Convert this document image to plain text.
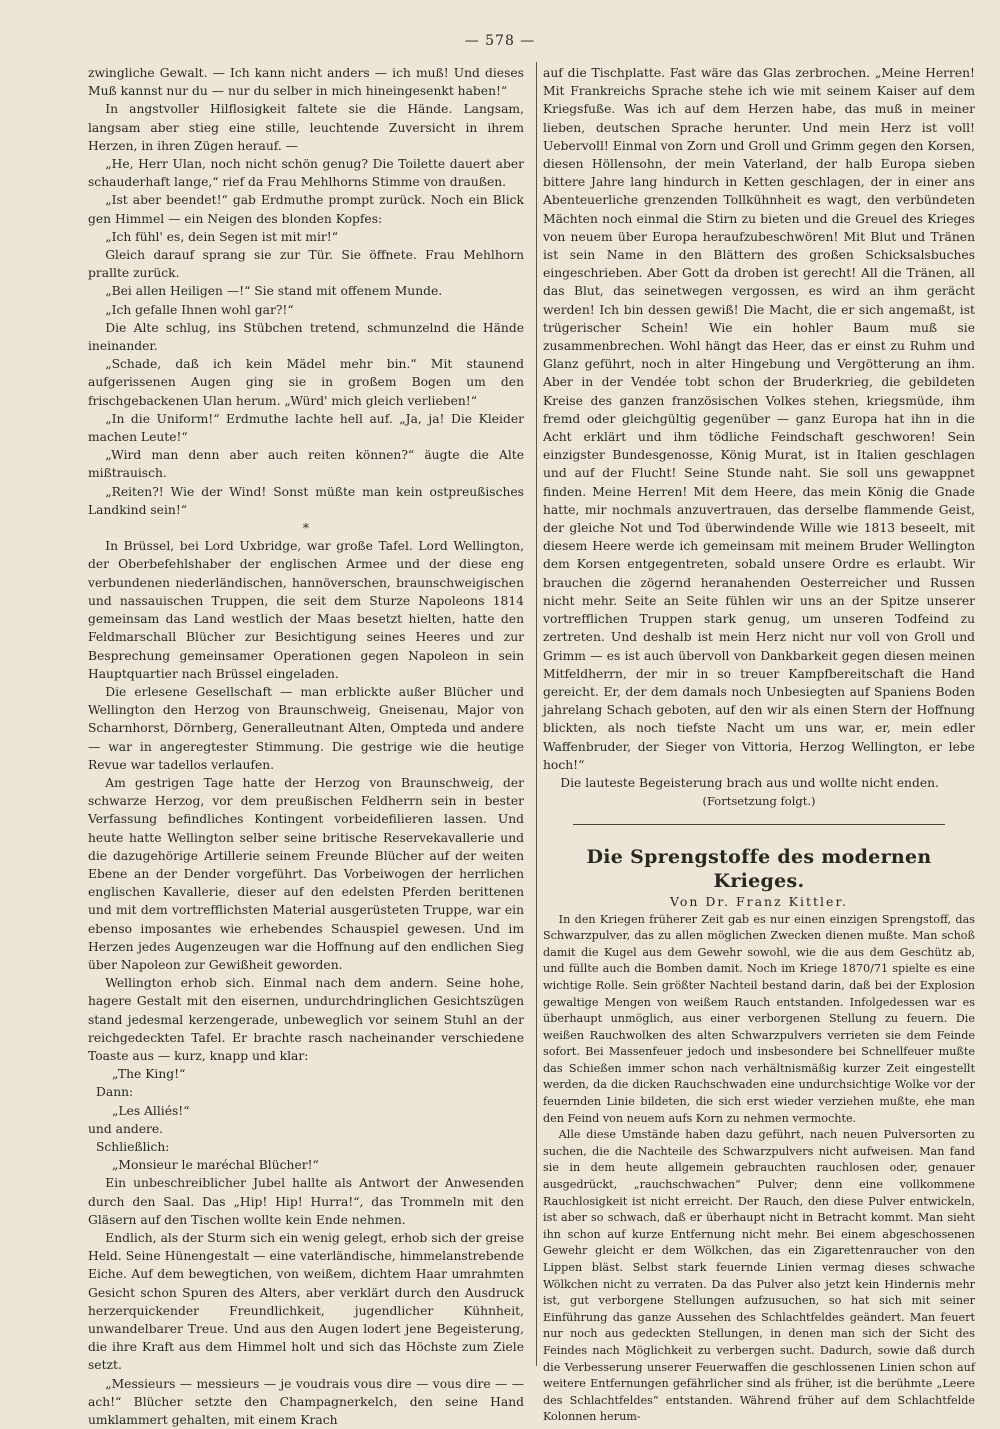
— 578 —

zwingliche Gewalt. — Ich kann nicht anders — ich muß! Und dieses Muß kannst nur du — nur du selber in mich hineingesenkt haben!“

In angstvoller Hilflosigkeit faltete sie die Hände. Langsam, langsam aber stieg eine stille, leuchtende Zuversicht in ihrem Herzen, in ihren Zügen herauf. —

„He, Herr Ulan, noch nicht schön genug? Die Toilette dauert aber schauderhaft lange,“ rief da Frau Mehlhorns Stimme von draußen.

„Ist aber beendet!“ gab Erdmuthe prompt zurück. Noch ein Blick gen Himmel — ein Neigen des blonden Kopfes:

„Ich fühl' es, dein Segen ist mit mir!“

Gleich darauf sprang sie zur Tür. Sie öffnete. Frau Mehlhorn prallte zurück.

„Bei allen Heiligen —!“ Sie stand mit offenem Munde.

„Ich gefalle Ihnen wohl gar?!“

Die Alte schlug, ins Stübchen tretend, schmunzelnd die Hände ineinander.

„Schade, daß ich kein Mädel mehr bin.“ Mit staunend aufgerissenen Augen ging sie in großem Bogen um den frischgebackenen Ulan herum. „Würd' mich gleich verlieben!“

„In die Uniform!“ Erdmuthe lachte hell auf. „Ja, ja! Die Kleider machen Leute!“

„Wird man denn aber auch reiten können?“ äugte die Alte mißtrauisch.

„Reiten?! Wie der Wind! Sonst müßte man kein ostpreußisches Landkind sein!“

*

In Brüssel, bei Lord Uxbridge, war große Tafel. Lord Wellington, der Oberbefehlshaber der englischen Armee und der diese eng verbundenen niederländischen, hannöverschen, braunschweigischen und nassauischen Truppen, die seit dem Sturze Napoleons 1814 gemeinsam das Land westlich der Maas besetzt hielten, hatte den Feldmarschall Blücher zur Besichtigung seines Heeres und zur Besprechung gemeinsamer Operationen gegen Napoleon in sein Hauptquartier nach Brüssel eingeladen.

Die erlesene Gesellschaft — man erblickte außer Blücher und Wellington den Herzog von Braunschweig, Gneisenau, Major von Scharnhorst, Dörnberg, Generalleutnant Alten, Ompteda und andere — war in angeregtester Stimmung. Die gestrige wie die heutige Revue war tadellos verlaufen.

Am gestrigen Tage hatte der Herzog von Braunschweig, der schwarze Herzog, vor dem preußischen Feldherrn sein in bester Verfassung befindliches Kontingent vorbeidefilieren lassen. Und heute hatte Wellington selber seine britische Reservekavallerie und die dazugehörige Artillerie seinem Freunde Blücher auf der weiten Ebene an der Dender vorgeführt. Das Vorbeiwogen der herrlichen englischen Kavallerie, dieser auf den edelsten Pferden berittenen und mit dem vortrefflichsten Material ausgerüsteten Truppe, war ein ebenso imposantes wie erhebendes Schauspiel gewesen. Und im Herzen jedes Augenzeugen war die Hoffnung auf den endlichen Sieg über Napoleon zur Gewißheit geworden.

Wellington erhob sich. Einmal nach dem andern. Seine hohe, hagere Gestalt mit den eisernen, undurchdringlichen Gesichtszügen stand jedesmal kerzengerade, unbeweglich vor seinem Stuhl an der reichgedeckten Tafel. Er brachte rasch nacheinander verschiedene Toaste aus — kurz, knapp und klar:

„The King!“

Dann:

„Les Alliés!“

und andere.

Schließlich:

„Monsieur le maréchal Blücher!“

Ein unbeschreiblicher Jubel hallte als Antwort der Anwesenden durch den Saal. Das „Hip! Hip! Hurra!“, das Trommeln mit den Gläsern auf den Tischen wollte kein Ende nehmen.

Endlich, als der Sturm sich ein wenig gelegt, erhob sich der greise Held. Seine Hünengestalt — eine vaterländische, himmelanstrebende Eiche. Auf dem bewegtichen, von weißem, dichtem Haar umrahmten Gesicht schon Spuren des Alters, aber verklärt durch den Ausdruck herzerquickender Freundlichkeit, jugendlicher Kühnheit, unwandelbarer Treue. Und aus den Augen lodert jene Begeisterung, die ihre Kraft aus dem Himmel holt und sich das Höchste zum Ziele setzt.

„Messieurs — messieurs — je voudrais vous dire — vous dire — — ach!“ Blücher setzte den Champagnerkelch, den seine Hand umklammert gehalten, mit einem Krach

auf die Tischplatte. Fast wäre das Glas zerbrochen. „Meine Herren! Mit Frankreichs Sprache stehe ich wie mit seinem Kaiser auf dem Kriegsfuße. Was ich auf dem Herzen habe, das muß in meiner lieben, deutschen Sprache herunter. Und mein Herz ist voll! Uebervoll! Einmal von Zorn und Groll und Grimm gegen den Korsen, diesen Höllensohn, der mein Vaterland, der halb Europa sieben bittere Jahre lang hindurch in Ketten geschlagen, der in einer ans Abenteuerliche grenzenden Tollkühnheit es wagt, den verbündeten Mächten noch einmal die Stirn zu bieten und die Greuel des Krieges von neuem über Europa heraufzubeschwören! Mit Blut und Tränen ist sein Name in den Blättern des großen Schicksalsbuches eingeschrieben. Aber Gott da droben ist gerecht! All die Tränen, all das Blut, das seinetwegen vergossen, es wird an ihm gerächt werden! Ich bin dessen gewiß! Die Macht, die er sich angemaßt, ist trügerischer Schein! Wie ein hohler Baum muß sie zusammenbrechen. Wohl hängt das Heer, das er einst zu Ruhm und Glanz geführt, noch in alter Hingebung und Vergötterung an ihm. Aber in der Vendée tobt schon der Bruderkrieg, die gebildeten Kreise des ganzen französischen Volkes stehen, kriegsmüde, ihm fremd oder gleichgültig gegenüber — ganz Europa hat ihn in die Acht erklärt und ihm tödliche Feindschaft geschworen! Sein einzigster Bundesgenosse, König Murat, ist in Italien geschlagen und auf der Flucht! Seine Stunde naht. Sie soll uns gewappnet finden. Meine Herren! Mit dem Heere, das mein König die Gnade hatte, mir nochmals anzuvertrauen, das derselbe flammende Geist, der gleiche Not und Tod überwindende Wille wie 1813 beseelt, mit diesem Heere werde ich gemeinsam mit meinem Bruder Wellington dem Korsen entgegentreten, sobald unsere Ordre es erlaubt. Wir brauchen die zögernd heranahenden Oesterreicher und Russen nicht mehr. Seite an Seite fühlen wir uns an der Spitze unserer vortrefflichen Truppen stark genug, um unseren Todfeind zu zertreten. Und deshalb ist mein Herz nicht nur voll von Groll und Grimm — es ist auch übervoll von Dankbarkeit gegen diesen meinen Mitfeldherrn, der mir in so treuer Kampfbereitschaft die Hand gereicht. Er, der dem damals noch Unbesiegten auf Spaniens Boden jahrelang Schach geboten, auf den wir als einen Stern der Hoffnung blickten, als noch tiefste Nacht um uns war, er, mein edler Waffenbruder, der Sieger von Vittoria, Herzog Wellington, er lebe hoch!“

Die lauteste Begeisterung brach aus und wollte nicht enden.

(Fortsetzung folgt.)

Die Sprengstoffe des modernen Krieges.

Von Dr. Franz Kittler.

In den Kriegen früherer Zeit gab es nur einen einzigen Sprengstoff, das Schwarzpulver, das zu allen möglichen Zwecken dienen mußte. Man schoß damit die Kugel aus dem Gewehr sowohl, wie die aus dem Geschütz ab, und füllte auch die Bomben damit. Noch im Kriege 1870/71 spielte es eine wichtige Rolle. Sein größter Nachteil bestand darin, daß bei der Explosion gewaltige Mengen von weißem Rauch entstanden. Infolgedessen war es überhaupt unmöglich, aus einer verborgenen Stellung zu feuern. Die weißen Rauchwolken des alten Schwarzpulvers verrieten sie dem Feinde sofort. Bei Massenfeuer jedoch und insbesondere bei Schnellfeuer mußte das Schießen immer schon nach verhältnismäßig kurzer Zeit eingestellt werden, da die dicken Rauchschwaden eine undurchsichtige Wolke vor der feuernden Linie bildeten, die sich erst wieder verziehen mußte, ehe man den Feind von neuem aufs Korn zu nehmen vermochte.

Alle diese Umstände haben dazu geführt, nach neuen Pulversorten zu suchen, die die Nachteile des Schwarzpulvers nicht aufweisen. Man fand sie in dem heute allgemein gebrauchten rauchlosen oder, genauer ausgedrückt, „rauchschwachen“ Pulver; denn eine vollkommene Rauchlosigkeit ist nicht erreicht. Der Rauch, den diese Pulver entwickeln, ist aber so schwach, daß er überhaupt nicht in Betracht kommt. Man sieht ihn schon auf kurze Entfernung nicht mehr. Bei einem abgeschossenen Gewehr gleicht er dem Wölkchen, das ein Zigarettenraucher von den Lippen bläst. Selbst stark feuernde Linien vermag dieses schwache Wölkchen nicht zu verraten. Da das Pulver also jetzt kein Hindernis mehr ist, gut verborgene Stellungen aufzusuchen, so hat sich mit seiner Einführung das ganze Aussehen des Schlachtfeldes geändert. Man feuert nur noch aus gedeckten Stellungen, in denen man sich der Sicht des Feindes nach Möglichkeit zu verbergen sucht. Dadurch, sowie daß durch die Verbesserung unserer Feuerwaffen die geschlossenen Linien schon auf weitere Entfernungen gefährlicher sind als früher, ist die berühmte „Leere des Schlachtfeldes“ entstanden. Während früher auf dem Schlachtfelde Kolonnen herum-
